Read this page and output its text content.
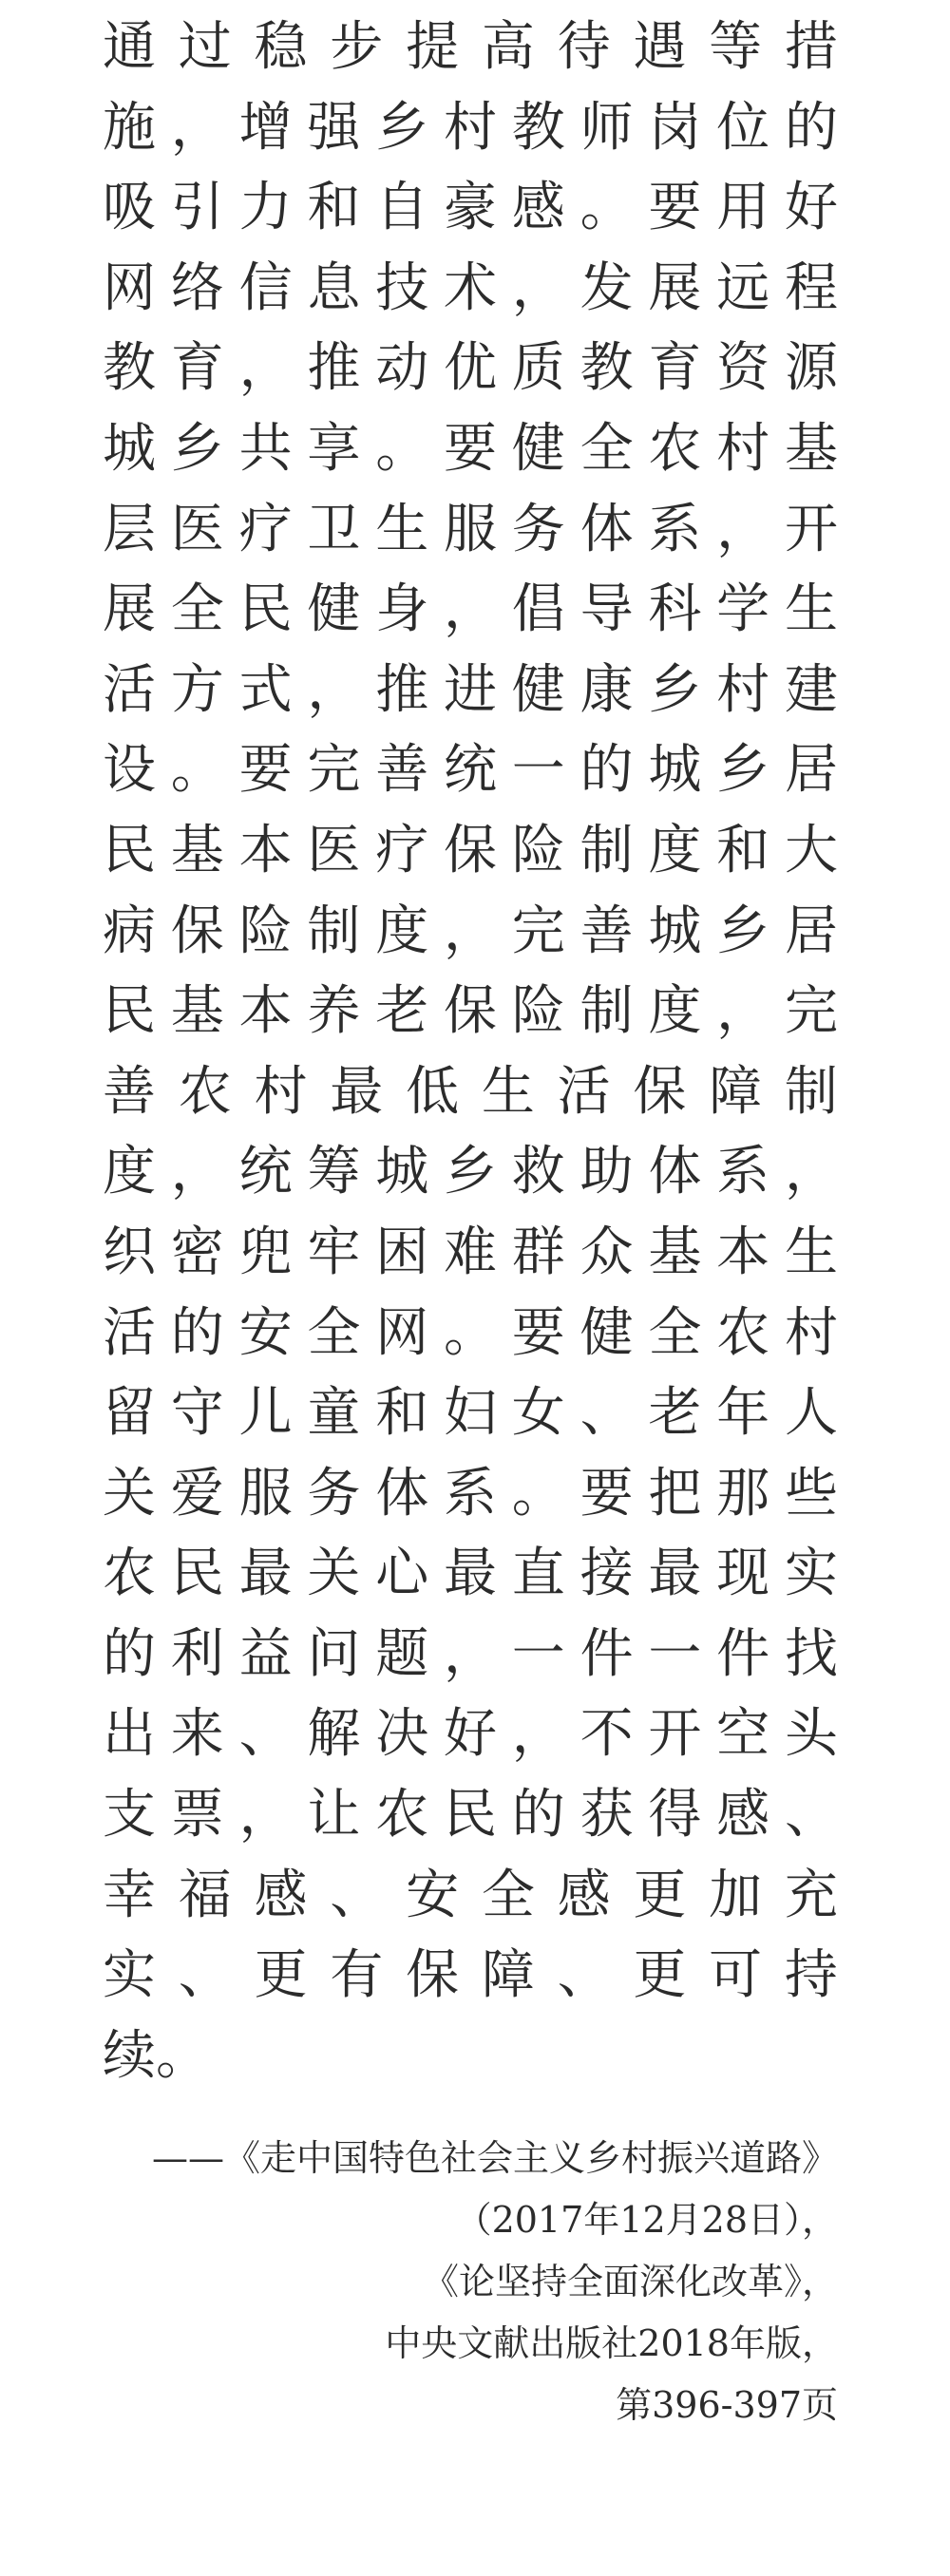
通 过 稳 步 提 高 待 遇 等 措
施 ， 增 强 乡 村 教 师 岗 位 的
吸 引 力 和 自 豪 感 。 要 用 好
网 络 信 息 技 术 ， 发 展 远 程
教 育 ， 推 动 优 质 教 育 资 源
城 乡 共 享 。 要 健 全 农 村 基
层 医 疗 卫 生 服 务 体 系 ， 开
展 全 民 健 身 ， 倡 导 科 学 生
活 方 式 ， 推 进 健 康 乡 村 建
设 。 要 完 善 统 一 的 城 乡 居
民 基 本 医 疗 保 险 制 度 和 大
病 保 险 制 度 ， 完 善 城 乡 居
民 基 本 养 老 保 险 制 度 ， 完
善 农 村 最 低 生 活 保 障 制
度 ， 统 筹 城 乡 救 助 体 系 ，
织 密 兜 牢 困 难 群 众 基 本 生
活 的 安 全 网 。 要 健 全 农 村
留 守 儿 童 和 妇 女 、 老 年 人
关 爱 服 务 体 系 。 要 把 那 些
农 民 最 关 心 最 直 接 最 现 实
的 利 益 问 题 ， 一 件 一 件 找
出 来 、 解 决 好 ， 不 开 空 头
支 票 ， 让 农 民 的 获 得 感 、
幸 福 感 、 安 全 感 更 加 充
实 、 更 有 保 障 、 更 可 持
续 。
——《走中国特色社会主义乡村振兴道路》
（2017年12月28日），
《论坚持全面深化改革》，
中央文献出版社2018年版，
第396-397页
